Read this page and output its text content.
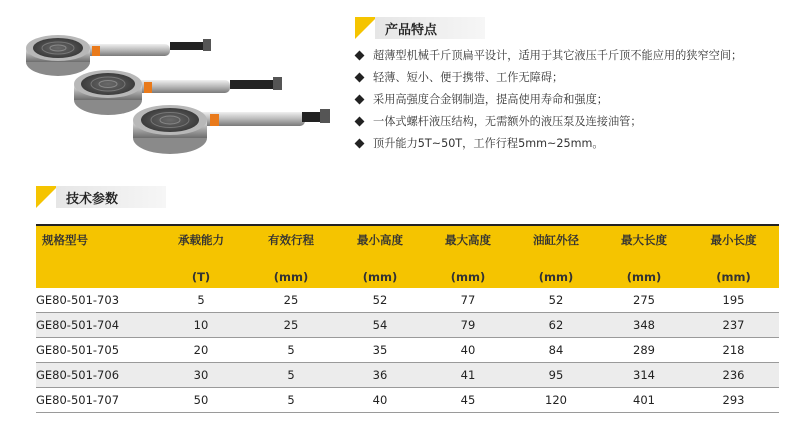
产品特点
超薄型机械千斤顶扁平设计，适用于其它液压千斤顶不能应用的狭窄空间；
轻薄、短小、便于携带、工作无障碍；
采用高强度合金钢制造，提高使用寿命和强度；
一体式螺杆液压结构，无需额外的液压泵及连接油管；
顶升能力5T~50T，工作行程5mm~25mm。
技术参数
规格型号	承载能力	有效行程	最小高度	最大高度	油缸外径	最大长度	最小长度
	(T)	(mm)	(mm)	(mm)	(mm)	(mm)	(mm)
GE80-501-703	5	25	52	77	52	275	195
GE80-501-704	10	25	54	79	62	348	237
GE80-501-705	20	5	35	40	84	289	218
GE80-501-706	30	5	36	41	95	314	236
GE80-501-707	50	5	40	45	120	401	293
